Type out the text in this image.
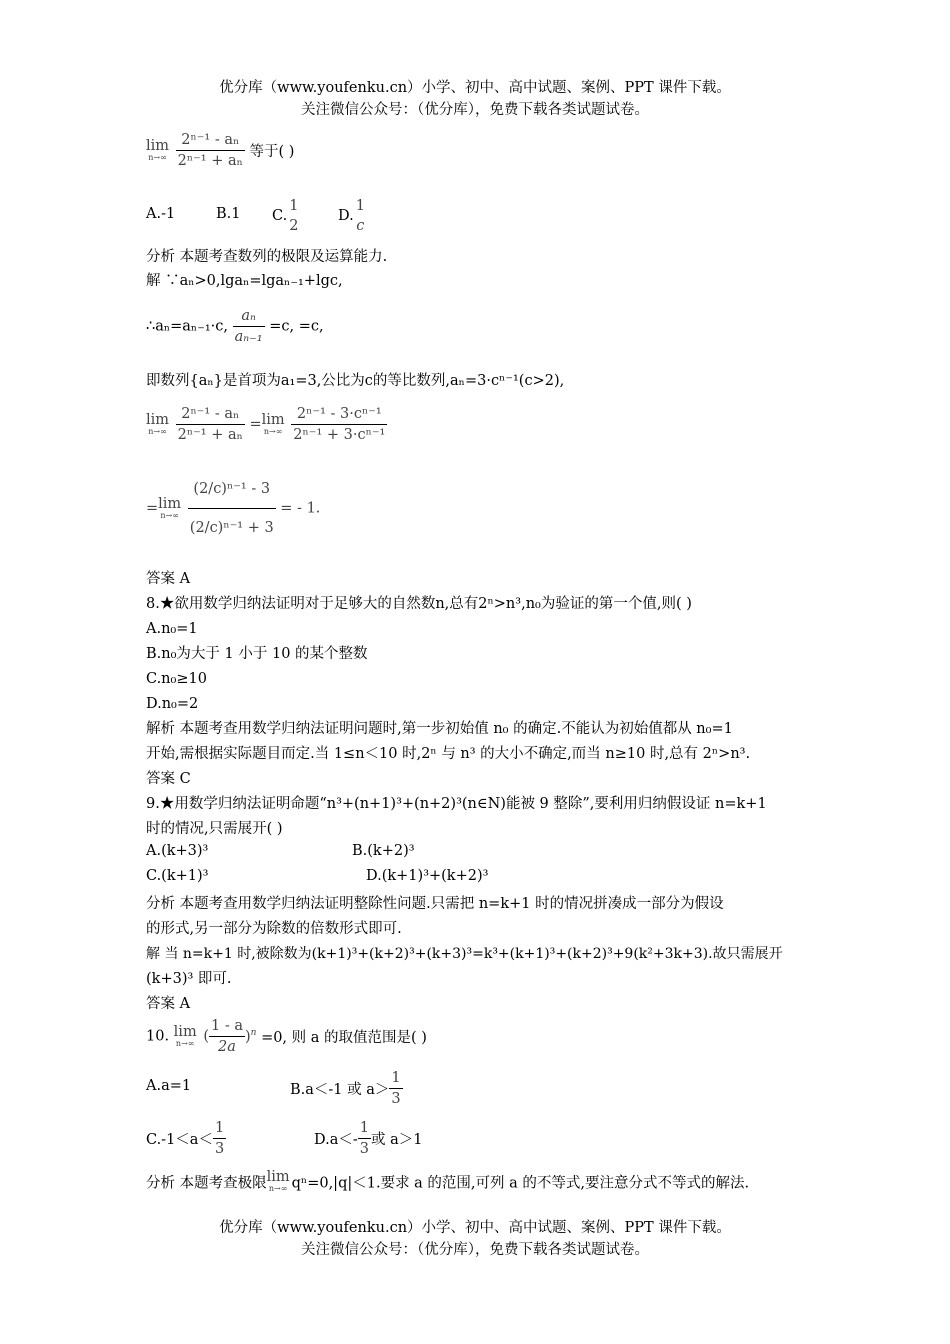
优分库（www.youfenku.cn）小学、初中、高中试题、案例、PPT 课件下载。
关注微信公众号：（优分库），免费下载各类试题试卷。
lim
n→∞
$\frac{\text{2ⁿ⁻¹ - aₙ}}{\text{2ⁿ⁻¹ + aₙ}}$ 等于( )
A.-1	B.1 C.
1
2
D.
1
c
分析 本题考查数列的极限及运算能力.
解 ∵aₙ>0,lgaₙ=lgaₙ₋₁+lgc,
∴aₙ=aₙ₋₁·c, $\frac{\text{aₙ}}{\text{aₙ₋₁}} =c$, =c,
即数列{aₙ}是首项为a₁=3,公比为c的等比数列,aₙ=3·cⁿ⁻¹(c>2),
lim
n→∞
$\frac{\text{2ⁿ⁻¹ - aₙ}}{\text{2ⁿ⁻¹ + aₙ}} =\lim$
n→∞
$\frac{\text{2ⁿ⁻¹ - 3·cⁿ⁻¹}}{\text{2ⁿ⁻¹ + 3·cⁿ⁻¹}}$
=lim
n→∞
$\frac{\text{(2/c)ⁿ⁻¹ - 3}}{\text{(2/c)ⁿ⁻¹ + 3}}$ = - 1.
答案 A
8.★欲用数学归纳法证明对于足够大的自然数n,总有2ⁿ>n³,n₀为验证的第一个值,则( )
A.n₀=1
B.n₀为大于 1 小于 10 的某个整数
C.n₀≥10
D.n₀=2
解析 本题考查用数学归纳法证明问题时,第一步初始值 n₀ 的确定.不能认为初始值都从 n₀=1
开始,需根据实际题目而定.当 1≤n＜10 时,2ⁿ 与 n³ 的大小不确定,而当 n≥10 时,总有 2ⁿ>n³.
答案 C
9.★用数学归纳法证明命题“n³+(n+1)³+(n+2)³(n∈N)能被 9 整除”,要利用归纳假设证 n=k+1
时的情况,只需展开( )
A.(k+3)³	B.(k+2)³
C.(k+1)³	D.(k+1)³+(k+2)³
分析 本题考查用数学归纳法证明整除性问题.只需把 n=k+1 时的情况拼凑成一部分为假设
的形式,另一部分为除数的倍数形式即可.
解 当 n=k+1 时,被除数为(k+1)³+(k+2)³+(k+3)³=k³+(k+1)³+(k+2)³+9(k²+3k+3).故只需展开
(k+3)³ 即可.
答案 A
10. lim
n→∞ ( $\frac{1 - a}{2a} )^n =0$, 则 a 的取值范围是( )
A.a=1	B.a＜-1 或 $a> \frac{1}{3}$
$C.-1<a< \frac{1}{3}$	$D.a<- \frac{1}{3}$ 或 a＞1
分析 本题考查极限lim
n→∞ qⁿ=0,|q|＜1.要求 a 的范围,可列 a 的不等式,要注意分式不等式的解法.
优分库（www.youfenku.cn）小学、初中、高中试题、案例、PPT 课件下载。
关注微信公众号：（优分库），免费下载各类试题试卷。
